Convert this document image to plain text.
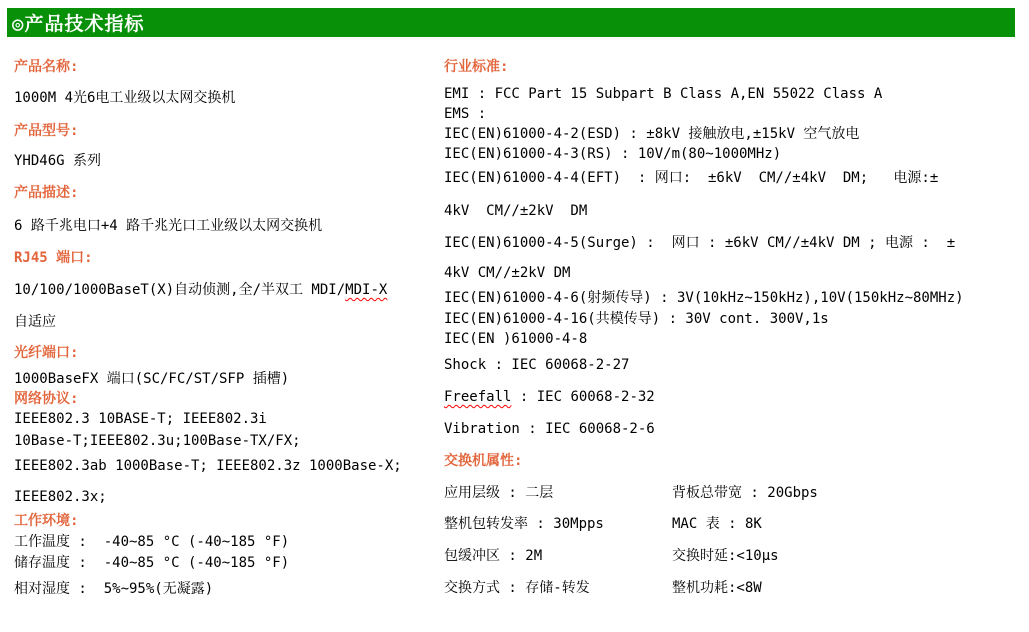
◎产品技术指标
产品名称:
1000M 4光6电工业级以太网交换机
产品型号:
YHD46G 系列
产品描述:
6 路千兆电口+4 路千兆光口工业级以太网交换机
RJ45 端口:
10/100/1000BaseT(X)自动侦测,全/半双工 MDI/MDI-X
自适应
光纤端口:
1000BaseFX 端口(SC/FC/ST/SFP 插槽)
网络协议:
IEEE802.3 10BASE-T; IEEE802.3i
10Base-T;IEEE802.3u;100Base-TX/FX;
IEEE802.3ab 1000Base-T; IEEE802.3z 1000Base-X;
IEEE802.3x;
工作环境:
工作温度 :  -40~85 °C (-40~185 °F)
储存温度 :  -40~85 °C (-40~185 °F)
相对湿度 :  5%~95%(无凝露)
行业标准:
EMI : FCC Part 15 Subpart B Class A,EN 55022 Class A
EMS :
IEC(EN)61000-4-2(ESD) : ±8kV 接触放电,±15kV 空气放电
IEC(EN)61000-4-3(RS) : 10V/m(80~1000MHz)
IEC(EN)61000-4-4(EFT)  : 网口:  ±6kV  CM//±4kV  DM;   电源:±
4kV  CM//±2kV  DM
IEC(EN)61000-4-5(Surge) :  网口 : ±6kV CM//±4kV DM ; 电源 :  ±
4kV CM//±2kV DM
IEC(EN)61000-4-6(射频传导) : 3V(10kHz~150kHz),10V(150kHz~80MHz)
IEC(EN)61000-4-16(共模传导) : 30V cont. 300V,1s
IEC(EN )61000-4-8
Shock : IEC 60068-2-27
Freefall : IEC 60068-2-32
Vibration : IEC 60068-2-6
交换机属性:
应用层级 : 二层	背板总带宽 : 20Gbps
整机包转发率 : 30Mpps	MAC 表 : 8K
包缓冲区 : 2M	交换时延:<10μs
交换方式 : 存储-转发	整机功耗:<8W
